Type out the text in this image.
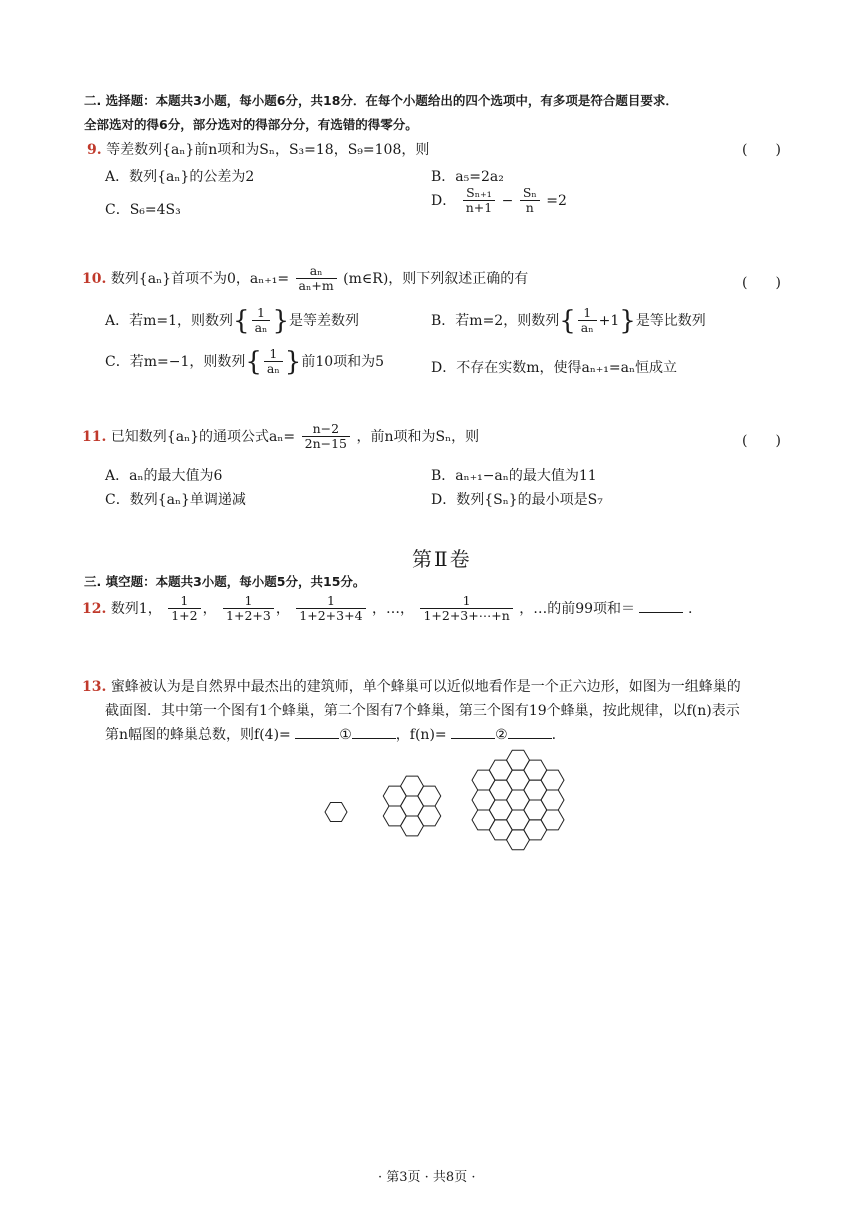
二. 选择题：本题共3小题，每小题6分，共18分．在每个小题给出的四个选项中，有多项是符合题目要求．
全部选对的得6分，部分选对的得部分分，有选错的得零分。
9. 等差数列{aₙ}前n项和为Sₙ，S₃=18，S₉=108，则	(　　)
A．数列{aₙ}的公差为2	B．a₅=2a₂
C．S₆=4S₃
D． $\frac{\text{Sₙ₊₁}}{n+1} - \frac{\text{Sₙ}}{n} =2$
10. 数列{aₙ}首项不为0，$a_{n+1}= \frac{\text{aₙ}}{\text{aₙ+m}}$ (m∈R)，则下列叙述正确的有	(　　)
A．若m=1，则数列{ $\frac{1}{\text{aₙ}}$ }是等差数列	B．若m=2，则数列{ $\frac{1}{\text{aₙ}} +1$}是等比数列
C．若m=−1，则数列{ $\frac{1}{\text{aₙ}}$ }前10项和为5	D．不存在实数m，使得aₙ₊₁=aₙ恒成立
11. 已知数列{aₙ}的通项公式$a_n= \frac{n-2}{2n-15}$ ，前n项和为Sₙ，则	(　　)
A．aₙ的最大值为6	B．aₙ₊₁−aₙ的最大值为11
C．数列{aₙ}单调递减	D．数列{Sₙ}的最小项是S₇
第Ⅱ卷
三. 填空题：本题共3小题，每小题5分，共15分。
12. 数列1， $\frac{1}{1+2}$ ， $\frac{1}{1+2+3}$ ， $\frac{1}{1+2+3+4}$ ，…， $\frac{1}{1+2+3+\cdots+n}$ ，…的前99项和＝	.
13. 蜜蜂被认为是自然界中最杰出的建筑师，单个蜂巢可以近似地看作是一个正六边形，如图为一组蜂巢的
截面图．其中第一个图有1个蜂巢，第二个图有7个蜂巢，第三个图有19个蜂巢，按此规律，以f(n)表示
第n幅图的蜂巢总数，则f(4)=	①	，f(n)=	②	.
· 第3页 · 共8页 ·
